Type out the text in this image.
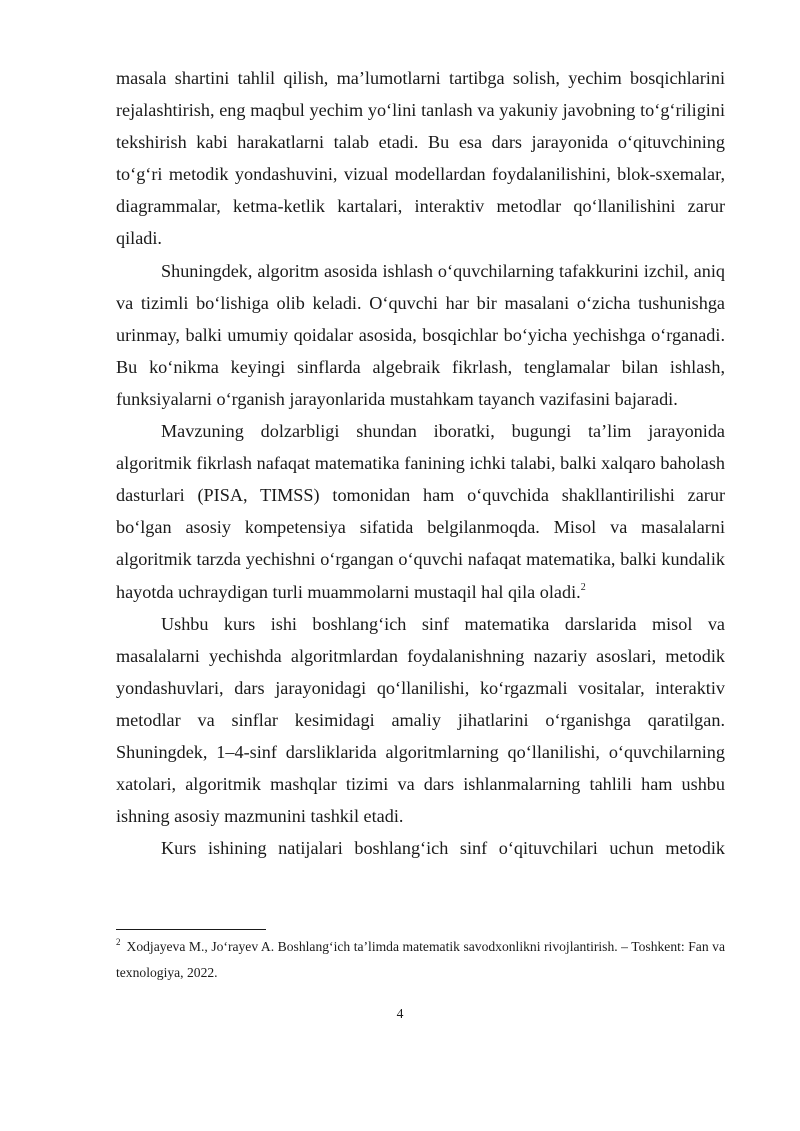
masala shartini tahlil qilish, ma’lumotlarni tartibga solish, yechim bosqichlarini rejalashtirish, eng maqbul yechim yo‘lini tanlash va yakuniy javobning to‘g‘riligini tekshirish kabi harakatlarni talab etadi. Bu esa dars jarayonida o‘qituvchining to‘g‘ri metodik yondashuvini, vizual modellardan foydalanilishini, blok-sxemalar, diagrammalar, ketma-ketlik kartalari, interaktiv metodlar qo‘llanilishini zarur qiladi.

Shuningdek, algoritm asosida ishlash o‘quvchilarning tafakkurini izchil, aniq va tizimli bo‘lishiga olib keladi. O‘quvchi har bir masalani o‘zicha tushunishga urinmay, balki umumiy qoidalar asosida, bosqichlar bo‘yicha yechishga o‘rganadi. Bu ko‘nikma keyingi sinflarda algebraik fikrlash, tenglamalar bilan ishlash, funksiyalarni o‘rganish jarayonlarida mustahkam tayanch vazifasini bajaradi.

Mavzuning dolzarbligi shundan iboratki, bugungi ta’lim jarayonida algoritmik fikrlash nafaqat matematika fanining ichki talabi, balki xalqaro baholash dasturlari (PISA, TIMSS) tomonidan ham o‘quvchida shakllantirilishi zarur bo‘lgan asosiy kompetensiya sifatida belgilanmoqda. Misol va masalalarni algoritmik tarzda yechishni o‘rgangan o‘quvchi nafaqat matematika, balki kundalik hayotda uchraydigan turli muammolarni mustaqil hal qila oladi.$^2$

Ushbu kurs ishi boshlang‘ich sinf matematika darslarida misol va masalalarni yechishda algoritmlardan foydalanishning nazariy asoslari, metodik yondashuvlari, dars jarayonidagi qo‘llanilishi, ko‘rgazmali vositalar, interaktiv metodlar va sinflar kesimidagi amaliy jihatlarini o‘rganishga qaratilgan. Shuningdek, 1–4-sinf darsliklarida algoritmlarning qo‘llanilishi, o‘quvchilarning xatolari, algoritmik mashqlar tizimi va dars ishlanmalarning tahlili ham ushbu ishning asosiy mazmunini tashkil etadi.

Kurs ishining natijalari boshlang‘ich sinf o‘qituvchilari uchun metodik

$^2$ Xodjayeva M., Jo‘rayev A. Boshlang‘ich ta’limda matematik savodxonlikni rivojlantirish. – Toshkent: Fan va texnologiya, 2022.
4
